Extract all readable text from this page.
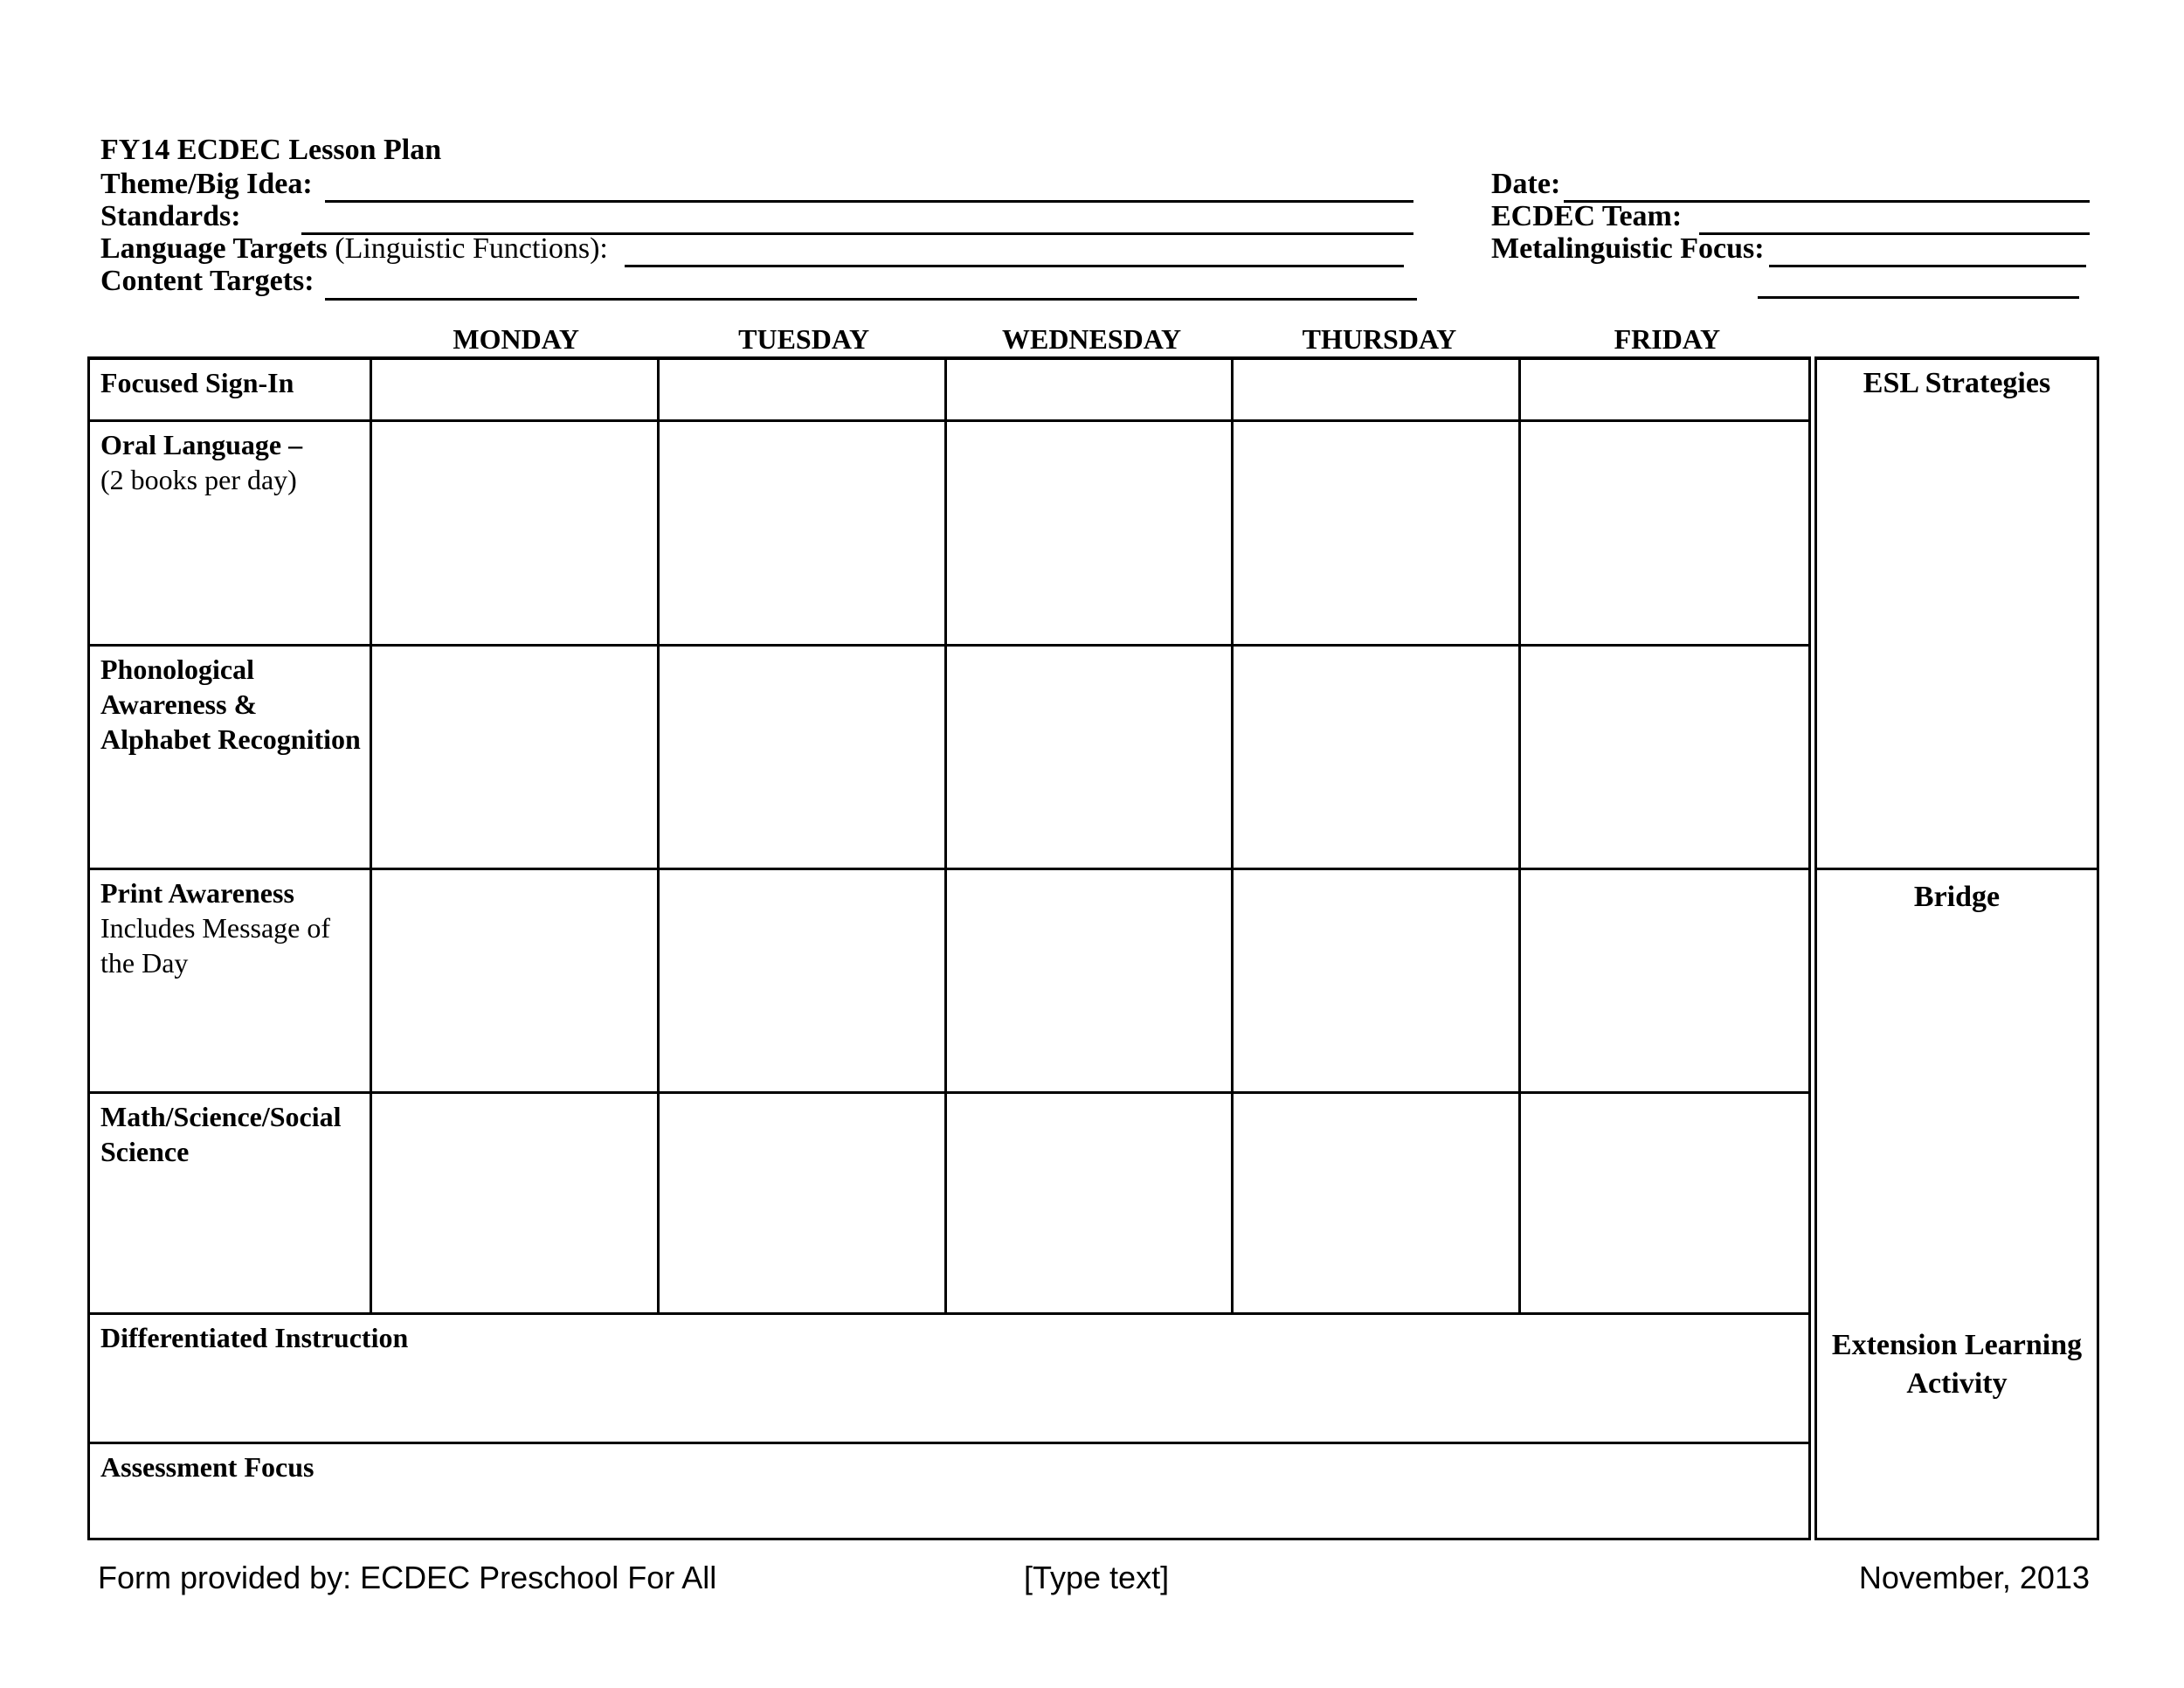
FY14 ECDEC Lesson Plan
Theme/Big Idea:
Standards:
Language Targets (Linguistic Functions):
Content Targets:
Date:
ECDEC Team:
Metalinguistic Focus:
MONDAY	TUESDAY	WEDNESDAY	THURSDAY	FRIDAY
Focused Sign-In
Oral Language –
(2 books per day)
Phonological Awareness & Alphabet Recognition
Print Awareness
Includes Message of the Day
Math/Science/Social Science
Differentiated Instruction
Assessment Focus
ESL Strategies
Bridge
Extension Learning Activity
Form provided by: ECDEC Preschool For All	[Type text]	November, 2013
